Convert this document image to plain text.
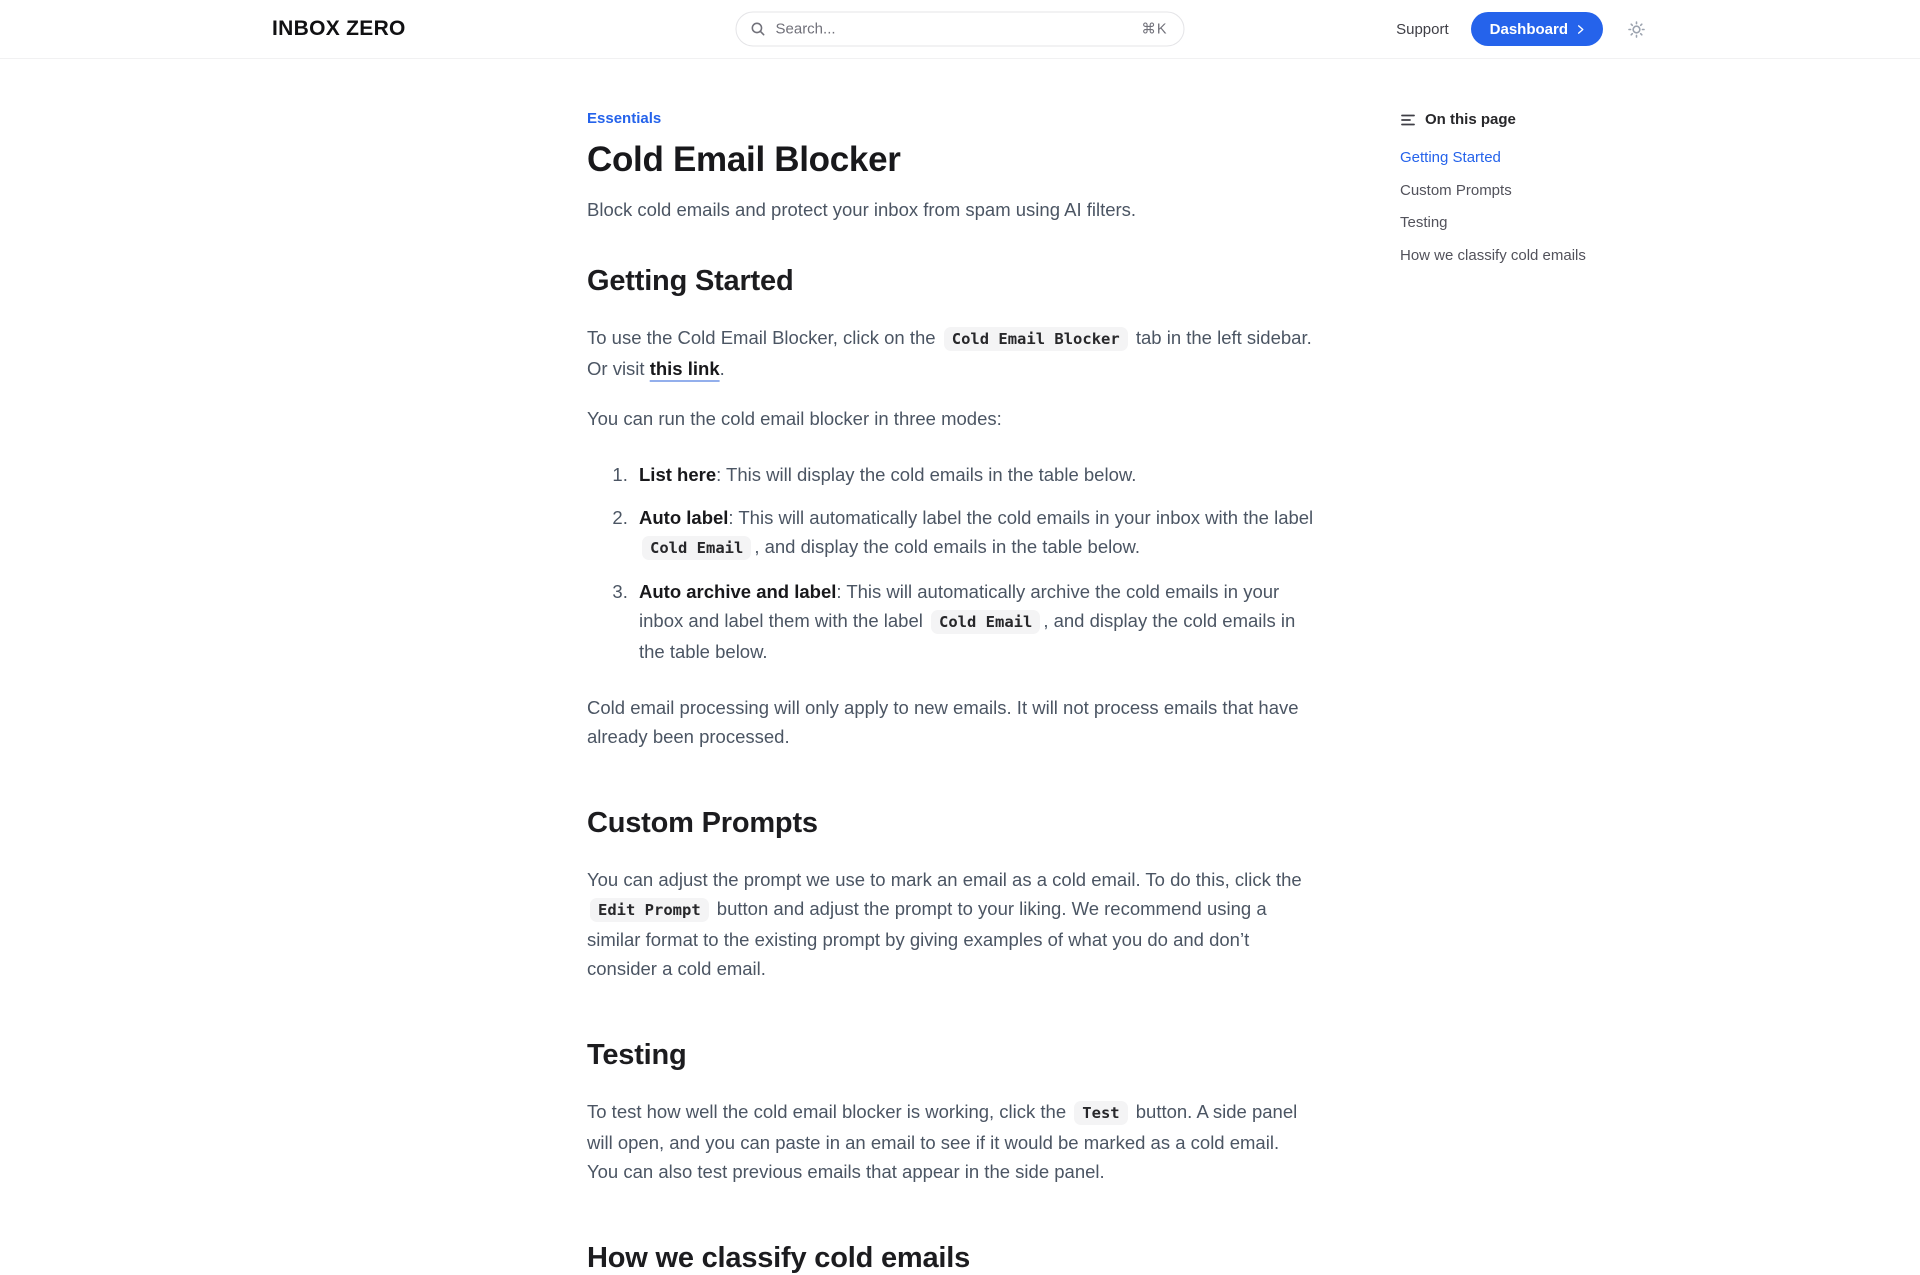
INBOX ZERO
Search...	⌘K	Support	Dashboard
Essentials
Cold Email Blocker

Block cold emails and protect your inbox from spam using AI filters.

Getting Started

To use the Cold Email Blocker, click on the Cold Email Blocker tab in the left sidebar. Or visit this link.

You can run the cold email blocker in three modes:

1. List here: This will display the cold emails in the table below.
2. Auto label: This will automatically label the cold emails in your inbox with the label Cold Email , and display the cold emails in the table below.
3. Auto archive and label: This will automatically archive the cold emails in your inbox and label them with the label Cold Email , and display the cold emails in the table below.

Cold email processing will only apply to new emails. It will not process emails that have already been processed.

Custom Prompts

You can adjust the prompt we use to mark an email as a cold email. To do this, click the Edit Prompt button and adjust the prompt to your liking. We recommend using a similar format to the existing prompt by giving examples of what you do and don’t consider a cold email.

Testing

To test how well the cold email blocker is working, click the Test button. A side panel will open, and you can paste in an email to see if it would be marked as a cold email. You can also test previous emails that appear in the side panel.

How we classify cold emails
On this page
Getting Started
Custom Prompts
Testing
How we classify cold emails
